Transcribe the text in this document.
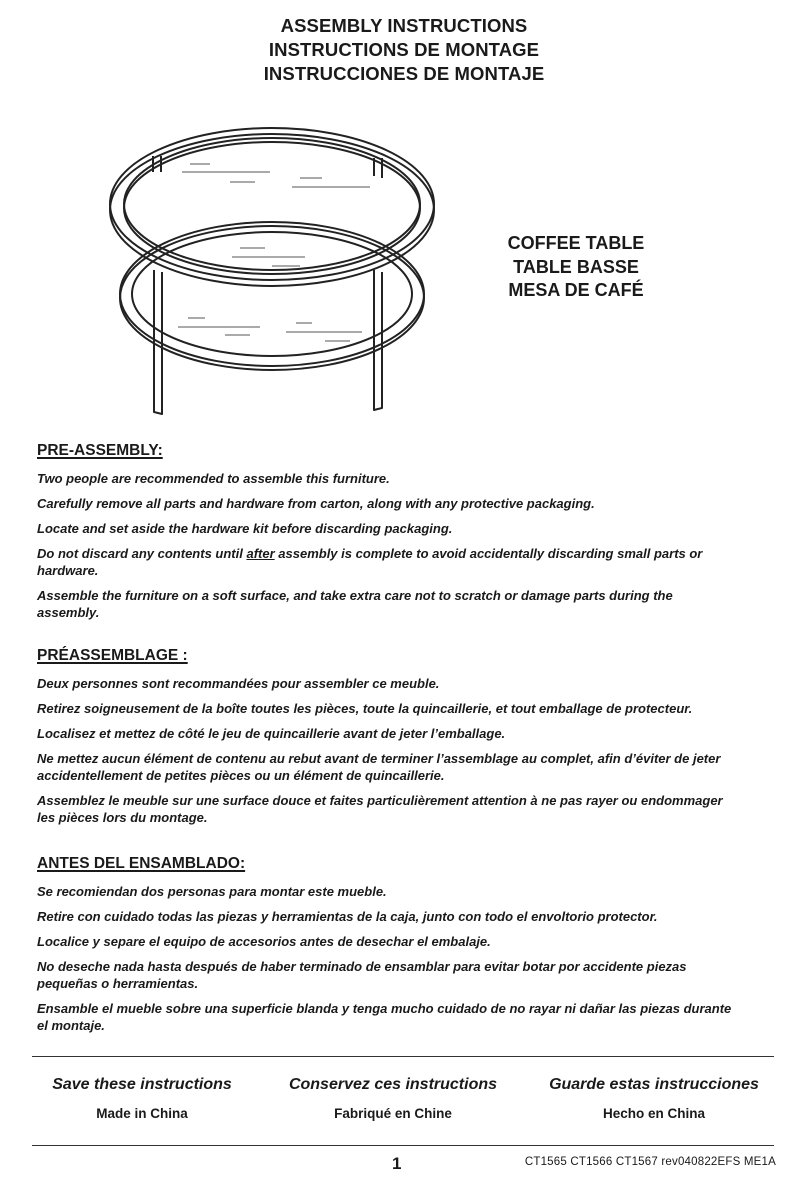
ASSEMBLY INSTRUCTIONS
INSTRUCTIONS DE MONTAGE
INSTRUCCIONES DE MONTAJE
COFFEE TABLE
TABLE BASSE
MESA DE CAFÉ
PRE-ASSEMBLY:

Two people are recommended to assemble this furniture.

Carefully remove all parts and hardware from carton, along with any protective packaging.

Locate and set aside the hardware kit before discarding packaging.

Do not discard any contents until after assembly is complete to avoid accidentally discarding small parts or hardware.

Assemble the furniture on a soft surface, and take extra care not to scratch or damage parts during the assembly.

PRÉASSEMBLAGE :

Deux personnes sont recommandées pour assembler ce meuble.

Retirez soigneusement de la boîte toutes les pièces, toute la quincaillerie, et tout emballage de protecteur.

Localisez et mettez de côté le jeu de quincaillerie avant de jeter l’emballage.

Ne mettez aucun élément de contenu au rebut avant de terminer l’assemblage au complet, afin d’éviter de jeter accidentellement de petites pièces ou un élément de quincaillerie.

Assemblez le meuble sur une surface douce et faites particulièrement attention à ne pas rayer ou endommager les pièces lors du montage.

ANTES DEL ENSAMBLADO:

Se recomiendan dos personas para montar este mueble.

Retire con cuidado todas las piezas y herramientas de la caja, junto con todo el envoltorio protector.

Localice y separe el equipo de accesorios antes de desechar el embalaje.

No deseche nada hasta después de haber terminado de ensamblar para evitar botar por accidente piezas pequeñas o herramientas.

Ensamble el mueble sobre una superficie blanda y tenga mucho cuidado de no rayar ni dañar las piezas durante el montaje.

Save these instructions
Made in China
Conservez ces instructions
Fabriqué en Chine
Guarde estas instrucciones
Hecho en China
1	CT1565 CT1566 CT1567 rev040822EFS ME1A
